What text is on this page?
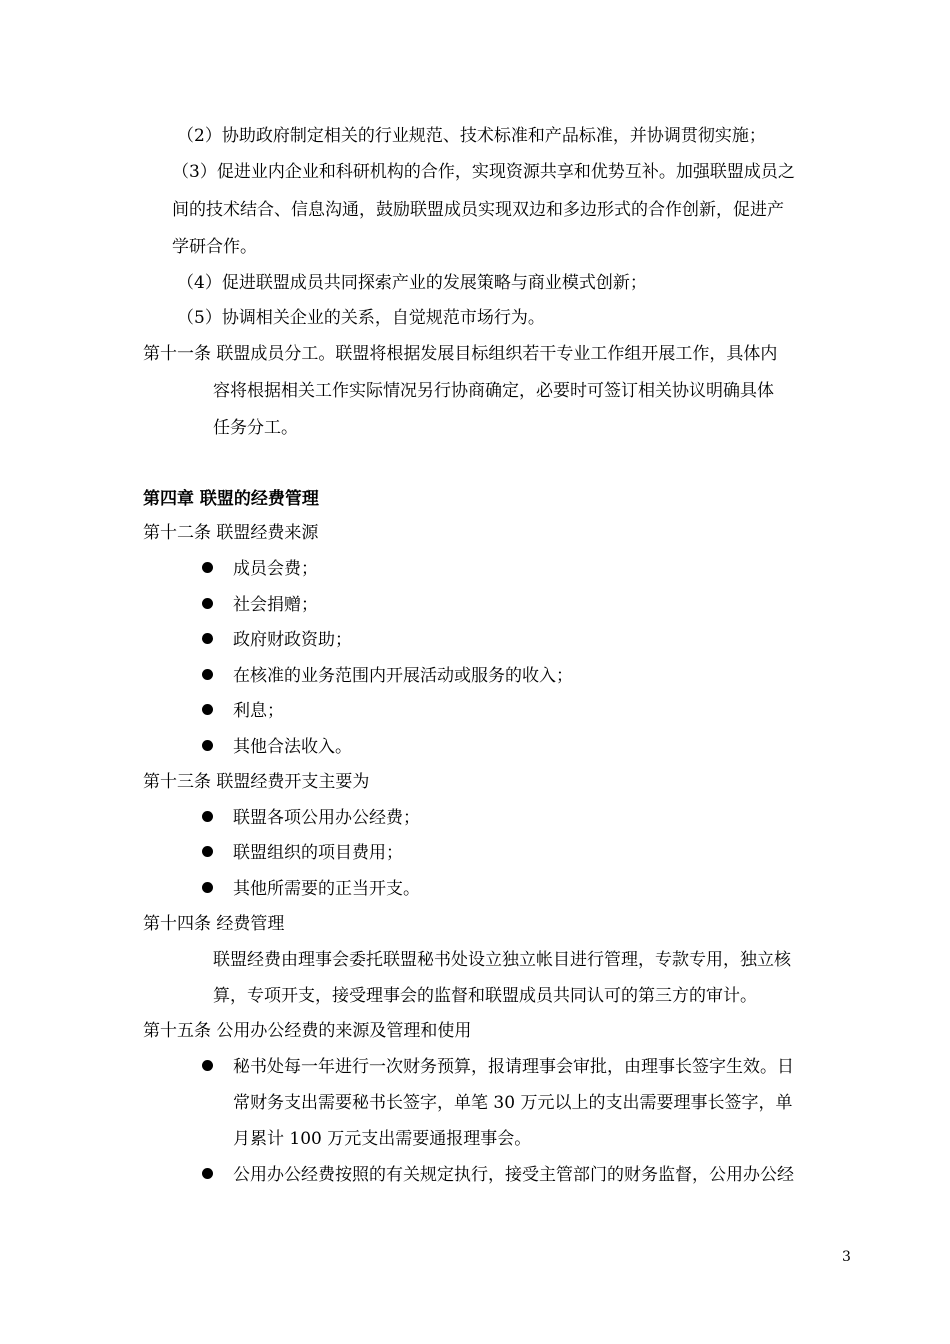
（2）协助政府制定相关的行业规范、技术标准和产品标准，并协调贯彻实施；
（3）促进业内企业和科研机构的合作，实现资源共享和优势互补。加强联盟成员之
间的技术结合、信息沟通，鼓励联盟成员实现双边和多边形式的合作创新，促进产
学研合作。
（4）促进联盟成员共同探索产业的发展策略与商业模式创新；
（5）协调相关企业的关系，自觉规范市场行为。
第十一条 联盟成员分工。联盟将根据发展目标组织若干专业工作组开展工作，具体内
容将根据相关工作实际情况另行协商确定，必要时可签订相关协议明确具体
任务分工。
第四章 联盟的经费管理
第十二条 联盟经费来源
成员会费；
社会捐赠；
政府财政资助；
在核准的业务范围内开展活动或服务的收入；
利息；
其他合法收入。
第十三条 联盟经费开支主要为
联盟各项公用办公经费；
联盟组织的项目费用；
其他所需要的正当开支。
第十四条 经费管理
联盟经费由理事会委托联盟秘书处设立独立帐目进行管理，专款专用，独立核
算，专项开支，接受理事会的监督和联盟成员共同认可的第三方的审计。
第十五条 公用办公经费的来源及管理和使用
秘书处每一年进行一次财务预算，报请理事会审批，由理事长签字生效。日
常财务支出需要秘书长签字，单笔 30 万元以上的支出需要理事长签字，单
月累计 100 万元支出需要通报理事会。
公用办公经费按照的有关规定执行，接受主管部门的财务监督，公用办公经
3
